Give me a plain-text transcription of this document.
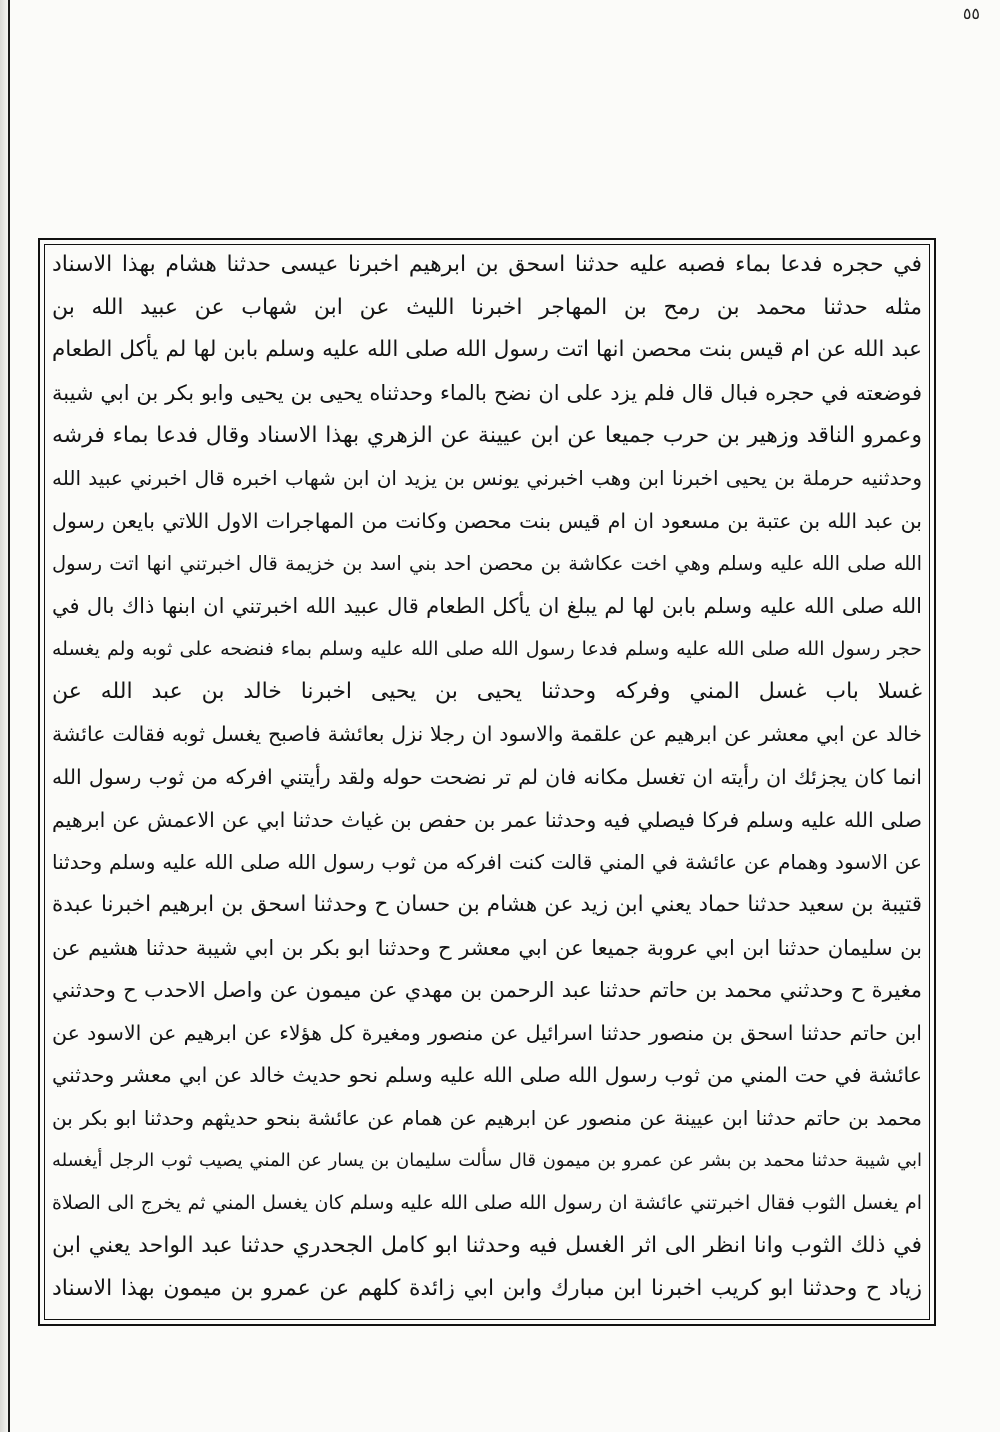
٥٥
في حجره فدعا بماء فصبه عليه حدثنا اسحق بن ابرهيم اخبرنا عيسى حدثنا هشام بهذا الاسناد
مثله حدثنا محمد بن رمح بن المهاجر اخبرنا الليث عن ابن شهاب عن عبيد الله بن
عبد الله عن ام قيس بنت محصن انها اتت رسول الله صلى الله عليه وسلم بابن لها لم يأكل الطعام
فوضعته في حجره فبال قال فلم يزد على ان نضح بالماء وحدثناه يحيى بن يحيى وابو بكر بن ابي شيبة
وعمرو الناقد وزهير بن حرب جميعا عن ابن عيينة عن الزهري بهذا الاسناد وقال فدعا بماء فرشه
وحدثنيه حرملة بن يحيى اخبرنا ابن وهب اخبرني يونس بن يزيد ان ابن شهاب اخبره قال اخبرني عبيد الله
بن عبد الله بن عتبة بن مسعود ان ام قيس بنت محصن وكانت من المهاجرات الاول اللاتي بايعن رسول
الله صلى الله عليه وسلم وهي اخت عكاشة بن محصن احد بني اسد بن خزيمة قال اخبرتني انها اتت رسول
الله صلى الله عليه وسلم بابن لها لم يبلغ ان يأكل الطعام قال عبيد الله اخبرتني ان ابنها ذاك بال في
حجر رسول الله صلى الله عليه وسلم فدعا رسول الله صلى الله عليه وسلم بماء فنضحه على ثوبه ولم يغسله
غسلا باب غسل المني وفركه وحدثنا يحيى بن يحيى اخبرنا خالد بن عبد الله عن
خالد عن ابي معشر عن ابرهيم عن علقمة والاسود ان رجلا نزل بعائشة فاصبح يغسل ثوبه فقالت عائشة
انما كان يجزئك ان رأيته ان تغسل مكانه فان لم تر نضحت حوله ولقد رأيتني افركه من ثوب رسول الله
صلى الله عليه وسلم فركا فيصلي فيه وحدثنا عمر بن حفص بن غياث حدثنا ابي عن الاعمش عن ابرهيم
عن الاسود وهمام عن عائشة في المني قالت كنت افركه من ثوب رسول الله صلى الله عليه وسلم وحدثنا
قتيبة بن سعيد حدثنا حماد يعني ابن زيد عن هشام بن حسان ح وحدثنا اسحق بن ابرهيم اخبرنا عبدة
بن سليمان حدثنا ابن ابي عروبة جميعا عن ابي معشر ح وحدثنا ابو بكر بن ابي شيبة حدثنا هشيم عن
مغيرة ح وحدثني محمد بن حاتم حدثنا عبد الرحمن بن مهدي عن ميمون عن واصل الاحدب ح وحدثني
ابن حاتم حدثنا اسحق بن منصور حدثنا اسرائيل عن منصور ومغيرة كل هؤلاء عن ابرهيم عن الاسود عن
عائشة في حت المني من ثوب رسول الله صلى الله عليه وسلم نحو حديث خالد عن ابي معشر وحدثني
محمد بن حاتم حدثنا ابن عيينة عن منصور عن ابرهيم عن همام عن عائشة بنحو حديثهم وحدثنا ابو بكر بن
ابي شيبة حدثنا محمد بن بشر عن عمرو بن ميمون قال سألت سليمان بن يسار عن المني يصيب ثوب الرجل أيغسله
ام يغسل الثوب فقال اخبرتني عائشة ان رسول الله صلى الله عليه وسلم كان يغسل المني ثم يخرج الى الصلاة
في ذلك الثوب وانا انظر الى اثر الغسل فيه وحدثنا ابو كامل الجحدري حدثنا عبد الواحد يعني ابن
زياد ح وحدثنا ابو كريب اخبرنا ابن مبارك وابن ابي زائدة كلهم عن عمرو بن ميمون بهذا الاسناد
